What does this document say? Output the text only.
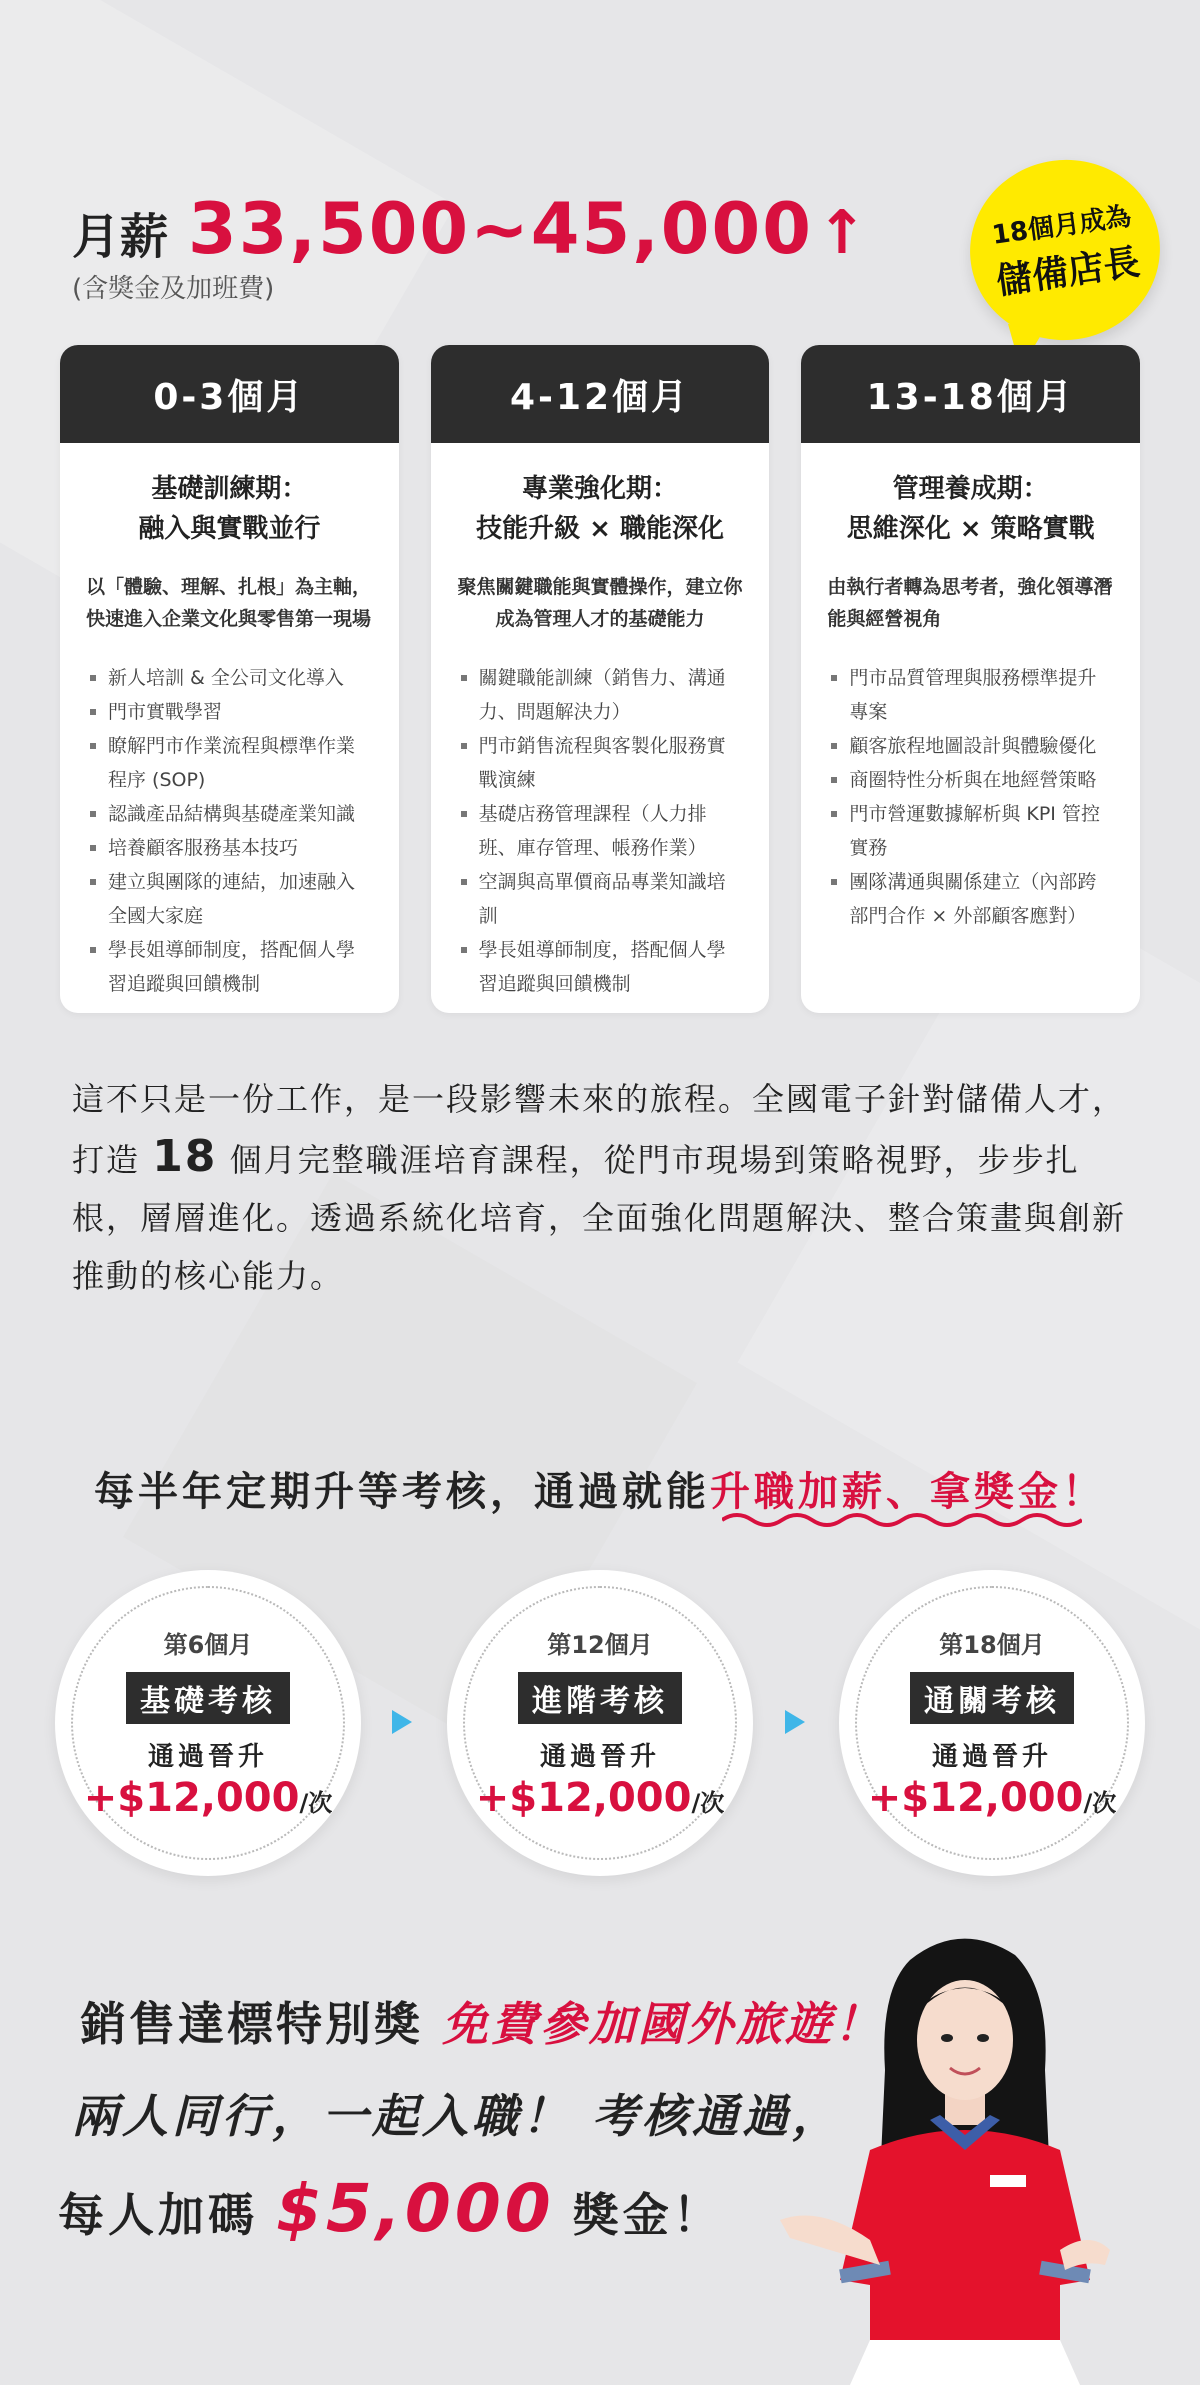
月薪 33,500~45,000 ↑
(含獎金及加班費)
18個月成為
儲備店長
0-3個月
基礎訓練期：
融入與實戰並行
以「體驗、理解、扎根」為主軸，快速進入企業文化與零售第一現場
新人培訓 & 全公司文化導入
門市實戰學習
瞭解門市作業流程與標準作業程序 (SOP)
認識產品結構與基礎產業知識
培養顧客服務基本技巧
建立與團隊的連結，加速融入全國大家庭
學長姐導師制度，搭配個人學習追蹤與回饋機制
4-12個月
專業強化期：
技能升級 × 職能深化
聚焦關鍵職能與實體操作，建立你成為管理人才的基礎能力
關鍵職能訓練（銷售力、溝通力、問題解決力）
門市銷售流程與客製化服務實戰演練
基礎店務管理課程（人力排班、庫存管理、帳務作業）
空調與高單價商品專業知識培訓
學長姐導師制度，搭配個人學習追蹤與回饋機制
13-18個月
管理養成期：
思維深化 × 策略實戰
由執行者轉為思考者，強化領導潛能與經營視角
門市品質管理與服務標準提升專案
顧客旅程地圖設計與體驗優化
商圈特性分析與在地經營策略
門市營運數據解析與 KPI 管控實務
團隊溝通與關係建立（內部跨部門合作 × 外部顧客應對）

這不只是一份工作，是一段影響未來的旅程。全國電子針對儲備人才，打造 18 個月完整職涯培育課程，從門市現場到策略視野，步步扎根，層層進化。透過系統化培育，全面強化問題解決、整合策畫與創新推動的核心能力。

每半年定期升等考核，通過就能升職加薪、拿獎金！
第6個月
基礎考核
通過晉升
+$12,000/次
第12個月
進階考核
通過晉升
+$12,000/次
第18個月
通關考核
通過晉升
+$12,000/次
銷售達標特別獎 免費參加國外旅遊！
兩人同行，一起入職！ 考核通過，
每人加碼 $5,000 獎金！
